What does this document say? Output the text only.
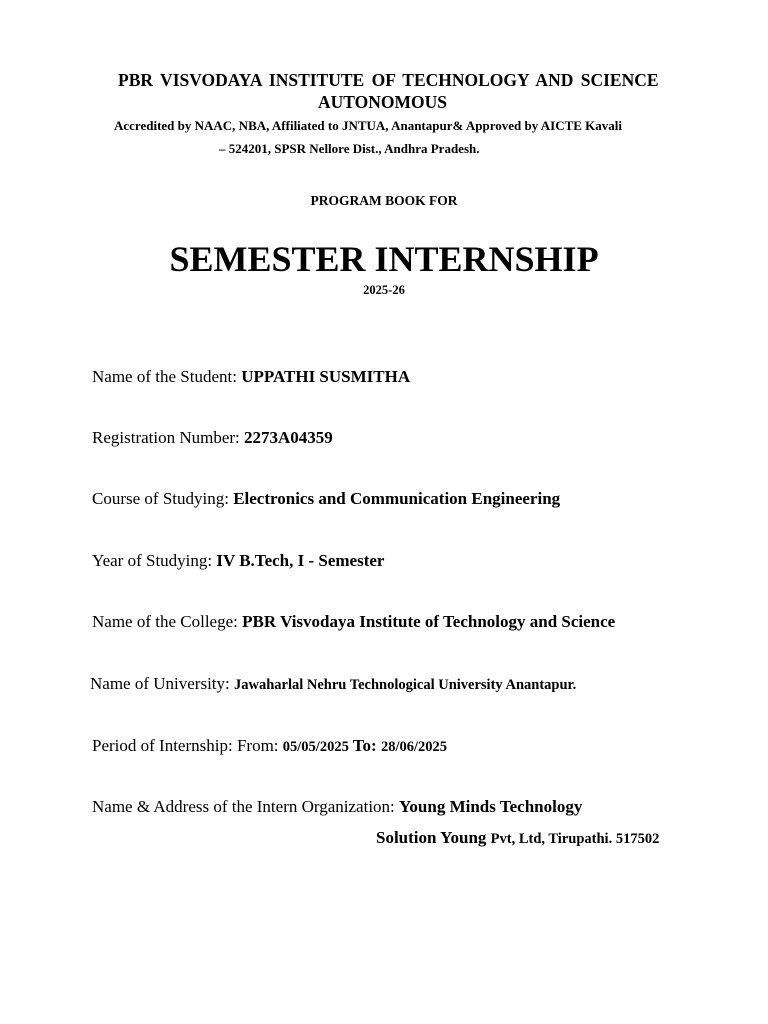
PBR VISVODAYA INSTITUTE OF TECHNOLOGY AND SCIENCE
AUTONOMOUS
Accredited by NAAC, NBA, Affiliated to JNTUA, Anantapur& Approved by AICTE Kavali
– 524201, SPSR Nellore Dist., Andhra Pradesh.
PROGRAM BOOK FOR
SEMESTER INTERNSHIP
2025-26
Name of the Student: UPPATHI SUSMITHA
Registration Number: 2273A04359
Course of Studying: Electronics and Communication Engineering
Year of Studying: IV B.Tech, I - Semester
Name of the College: PBR Visvodaya Institute of Technology and Science
Name of University: Jawaharlal Nehru Technological University Anantapur.
Period of Internship: From: 05/05/2025 To: 28/06/2025
Name & Address of the Intern Organization: Young Minds Technology
Solution Young Pvt, Ltd, Tirupathi. 517502
